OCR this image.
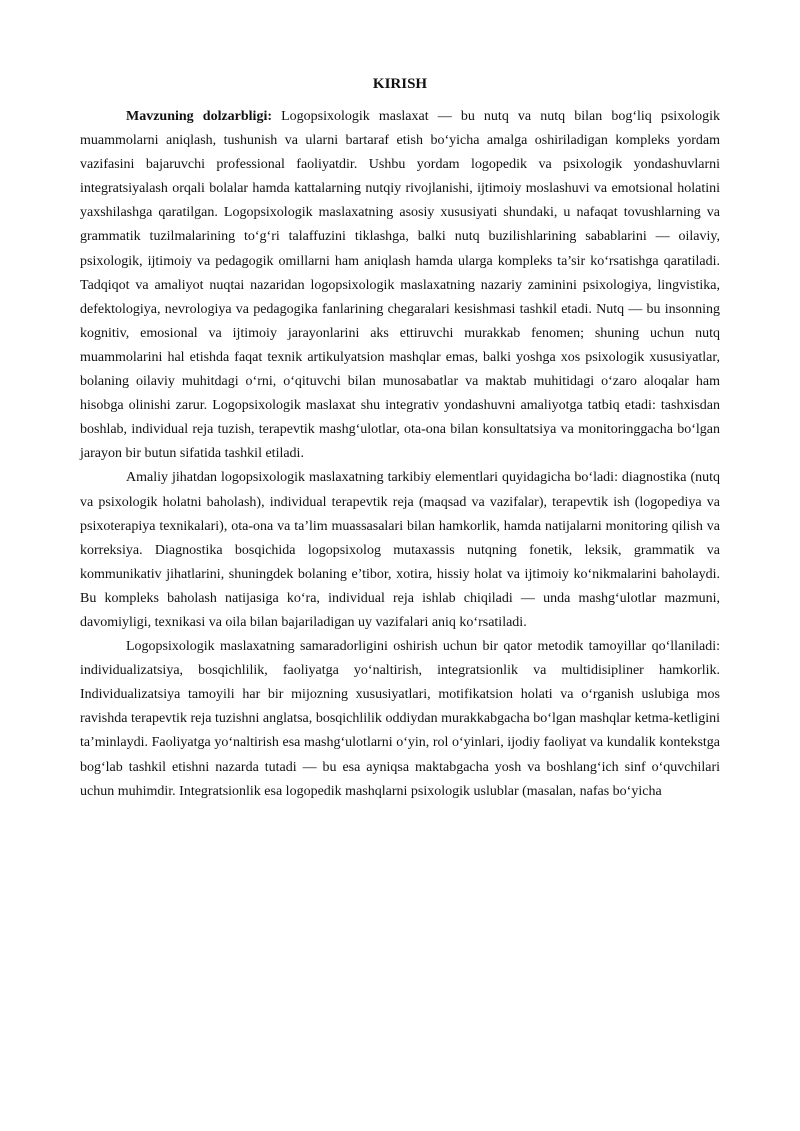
KIRISH

Mavzuning dolzarbligi: Logopsixologik maslaxat — bu nutq va nutq bilan bog‘liq psixologik muammolarni aniqlash, tushunish va ularni bartaraf etish bo‘yicha amalga oshiriladigan kompleks yordam vazifasini bajaruvchi professional faoliyatdir. Ushbu yordam logopedik va psixologik yondashuvlarni integratsiyalash orqali bolalar hamda kattalarning nutqiy rivojlanishi, ijtimoiy moslashuvi va emotsional holatini yaxshilashga qaratilgan. Logopsixologik maslaxatning asosiy xususiyati shundaki, u nafaqat tovushlarning va grammatik tuzilmalarining to‘g‘ri talaffuzini tiklashga, balki nutq buzilishlarining sabablarini — oilaviy, psixologik, ijtimoiy va pedagogik omillarni ham aniqlash hamda ularga kompleks ta’sir ko‘rsatishga qaratiladi. Tadqiqot va amaliyot nuqtai nazaridan logopsixologik maslaxatning nazariy zaminini psixologiya, lingvistika, defektologiya, nevrologiya va pedagogika fanlarining chegaralari kesishmasi tashkil etadi. Nutq — bu insonning kognitiv, emosional va ijtimoiy jarayonlarini aks ettiruvchi murakkab fenomen; shuning uchun nutq muammolarini hal etishda faqat texnik artikulyatsion mashqlar emas, balki yoshga xos psixologik xususiyatlar, bolaning oilaviy muhitdagi o‘rni, o‘qituvchi bilan munosabatlar va maktab muhitidagi o‘zaro aloqalar ham hisobga olinishi zarur. Logopsixologik maslaxat shu integrativ yondashuvni amaliyotga tatbiq etadi: tashxisdan boshlab, individual reja tuzish, terapevtik mashg‘ulotlar, ota-ona bilan konsultatsiya va monitoringgacha bo‘lgan jarayon bir butun sifatida tashkil etiladi.

Amaliy jihatdan logopsixologik maslaxatning tarkibiy elementlari quyidagicha bo‘ladi: diagnostika (nutq va psixologik holatni baholash), individual terapevtik reja (maqsad va vazifalar), terapevtik ish (logopediya va psixoterapiya texnikalari), ota-ona va ta’lim muassasalari bilan hamkorlik, hamda natijalarni monitoring qilish va korreksiya. Diagnostika bosqichida logopsixolog mutaxassis nutqning fonetik, leksik, grammatik va kommunikativ jihatlarini, shuningdek bolaning e’tibor, xotira, hissiy holat va ijtimoiy ko‘nikmalarini baholaydi. Bu kompleks baholash natijasiga ko‘ra, individual reja ishlab chiqiladi — unda mashg‘ulotlar mazmuni, davomiyligi, texnikasi va oila bilan bajariladigan uy vazifalari aniq ko‘rsatiladi.

Logopsixologik maslaxatning samaradorligini oshirish uchun bir qator metodik tamoyillar qo‘llaniladi: individualizatsiya, bosqichlilik, faoliyatga yo‘naltirish, integratsionlik va multidisipliner hamkorlik. Individualizatsiya tamoyili har bir mijozning xususiyatlari, motifikatsion holati va o‘rganish uslubiga mos ravishda terapevtik reja tuzishni anglatsa, bosqichlilik oddiydan murakkabgacha bo‘lgan mashqlar ketma-ketligini ta’minlaydi. Faoliyatga yo‘naltirish esa mashg‘ulotlarni o‘yin, rol o‘yinlari, ijodiy faoliyat va kundalik kontekstga bog‘lab tashkil etishni nazarda tutadi — bu esa ayniqsa maktabgacha yosh va boshlang‘ich sinf o‘quvchilari uchun muhimdir. Integratsionlik esa logopedik mashqlarni psixologik uslublar (masalan, nafas bo‘yicha
